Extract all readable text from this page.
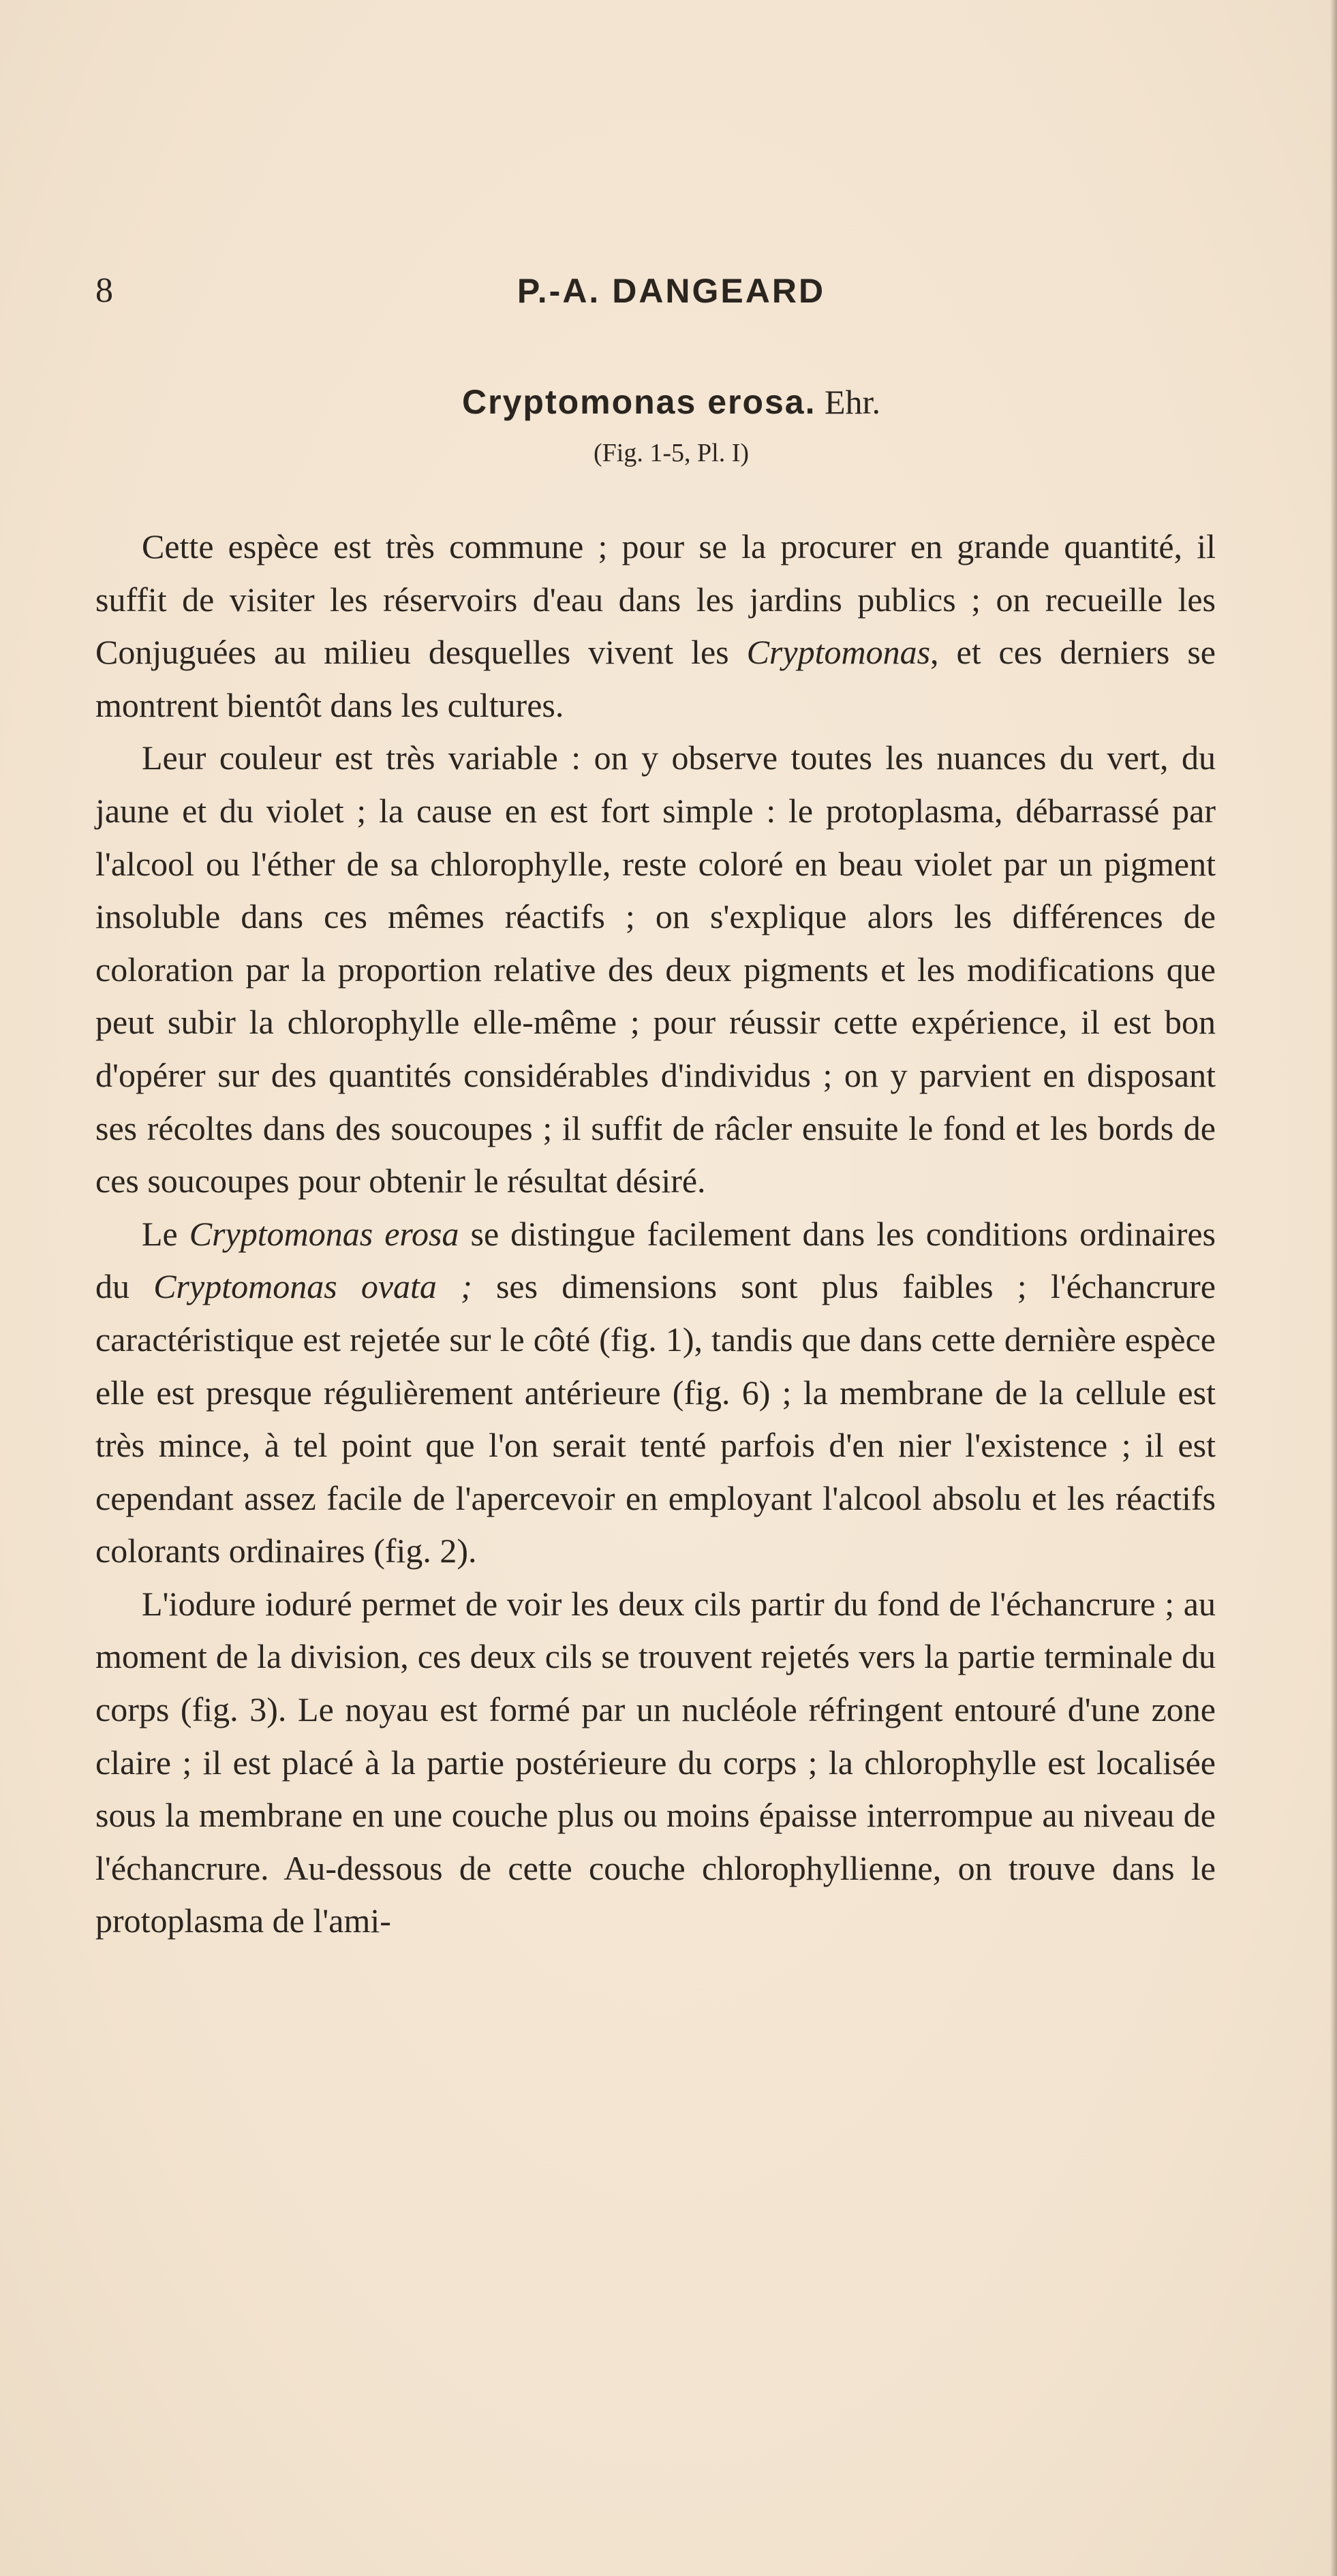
8	P.-A. DANGEARD
Cryptomonas erosa. Ehr.
(Fig. 1-5, Pl. I)

Cette espèce est très commune ; pour se la procurer en grande quantité, il suffit de visiter les réservoirs d'eau dans les jardins publics ; on recueille les Conjuguées au milieu desquelles vivent les Cryptomonas, et ces derniers se montrent bientôt dans les cultures.

Leur couleur est très variable : on y observe toutes les nuances du vert, du jaune et du violet ; la cause en est fort simple : le protoplasma, débarrassé par l'alcool ou l'éther de sa chlorophylle, reste coloré en beau violet par un pigment insoluble dans ces mêmes réactifs ; on s'explique alors les différences de coloration par la proportion relative des deux pigments et les modifications que peut subir la chlorophylle elle-même ; pour réussir cette expérience, il est bon d'opérer sur des quantités considérables d'individus ; on y parvient en disposant ses récoltes dans des soucoupes ; il suffit de râcler ensuite le fond et les bords de ces soucoupes pour obtenir le résultat désiré.

Le Cryptomonas erosa se distingue facilement dans les conditions ordinaires du Cryptomonas ovata ; ses dimensions sont plus faibles ; l'échancrure caractéristique est rejetée sur le côté (fig. 1), tandis que dans cette dernière espèce elle est presque régulièrement antérieure (fig. 6) ; la membrane de la cellule est très mince, à tel point que l'on serait tenté parfois d'en nier l'existence ; il est cependant assez facile de l'apercevoir en employant l'alcool absolu et les réactifs colorants ordinaires (fig. 2).

L'iodure ioduré permet de voir les deux cils partir du fond de l'échancrure ; au moment de la division, ces deux cils se trouvent rejetés vers la partie terminale du corps (fig. 3). Le noyau est formé par un nucléole réfringent entouré d'une zone claire ; il est placé à la partie postérieure du corps ; la chlorophylle est localisée sous la membrane en une couche plus ou moins épaisse interrompue au niveau de l'échancrure. Au-dessous de cette couche chlorophyllienne, on trouve dans le protoplasma de l'ami-
